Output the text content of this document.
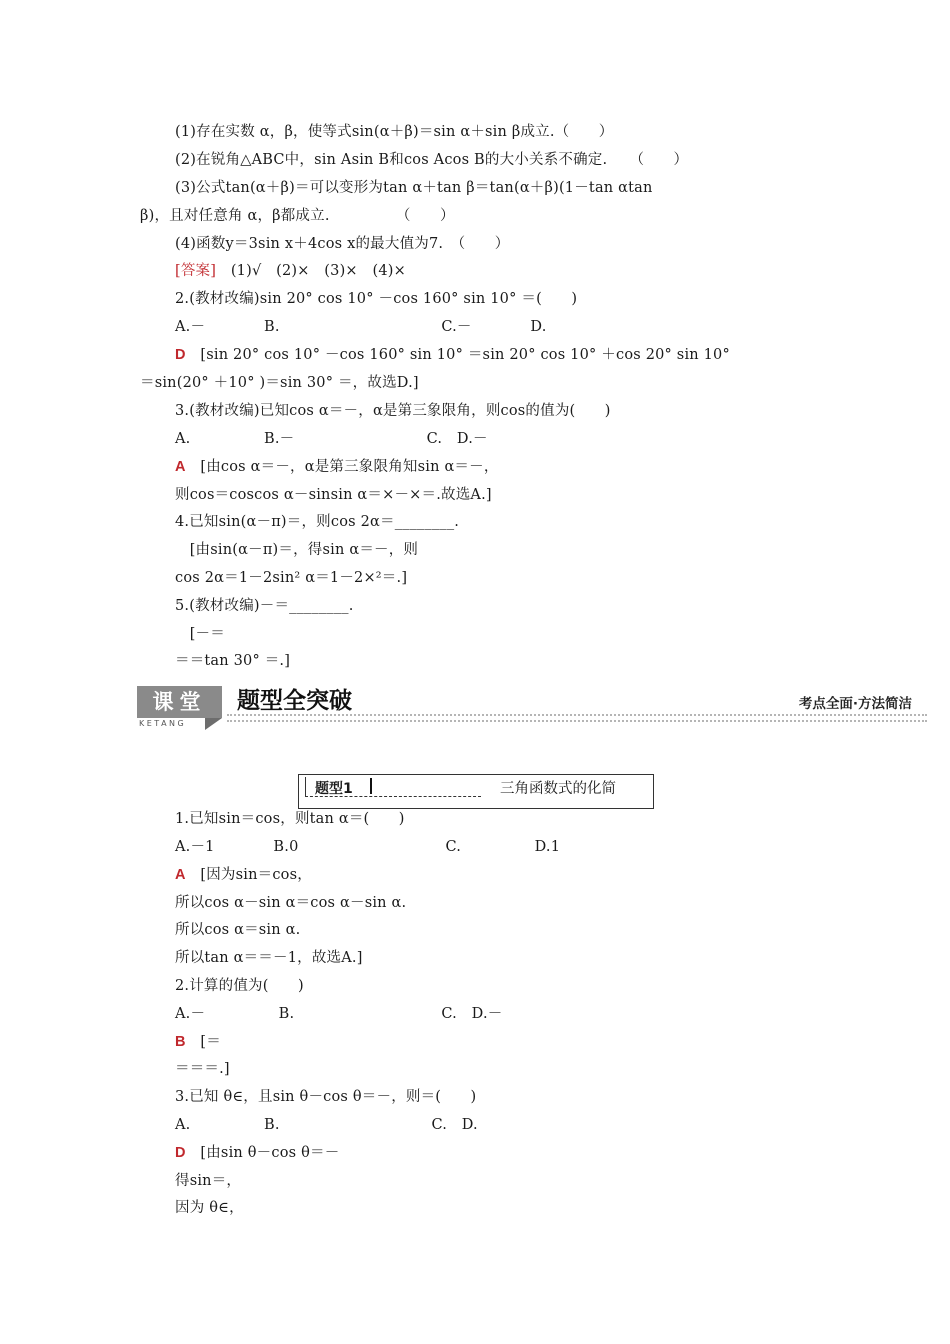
(1)存在实数 α，β，使等式sin(α＋β)＝sin α＋sin β成立.（　　）
(2)在锐角△ABC中，sin Asin B和cos Acos B的大小关系不确定.　　（　　）
(3)公式tan(α＋β)＝可以变形为tan α＋tan β＝tan(α＋β)(1－tan αtan
β)，且对任意角 α，β都成立.　　　　　（　　）
(4)函数y＝3sin x＋4cos x的最大值为7.　（　　）
[答案]　(1)√　(2)×　(3)×　(4)×
2.(教材改编)sin 20° cos 10° －cos 160° sin 10° ＝(　　)
A.－　　　　B.　　　　　　　　　　　C.－　　　　D.
D　[sin 20° cos 10° －cos 160° sin 10° ＝sin 20° cos 10° ＋cos 20° sin 10°
＝sin(20° ＋10° )＝sin 30° ＝，故选D.]
3.(教材改编)已知cos α＝－，α是第三象限角，则cos的值为(　　)
A.　　　　　B.－　　　　　　　　　C.　D.－
A　[由cos α＝－，α是第三象限角知sin α＝－，
则cos＝coscos α－sinsin α＝×－×＝.故选A.]
4.已知sin(α－π)＝，则cos 2α＝________.
　[由sin(α－π)＝，得sin α＝－，则
cos 2α＝1－2sin² α＝1－2×²＝.]
5.(教材改编)－＝________.
　[－＝
＝＝tan 30° ＝.]
1.已知sin＝cos，则tan α＝(　　)
A.－1　　　　B.0　　　　　　　　　　C.　　　　　D.1
A　[因为sin＝cos，
所以cos α－sin α＝cos α－sin α.
所以cos α＝sin α.
所以tan α＝＝－1，故选A.]
2.计算的值为(　　)
A.－　　　　　B.　　　　　　　　　　C.　D.－
B　[＝
＝＝＝.]
3.已知 θ∈，且sin θ－cos θ＝－，则＝(　　)
A.　　　　　B.　　　　　　　　　　 C.　D.
D　[由sin θ－cos θ＝－
得sin＝，
因为 θ∈，
课堂
KETANG
题型全突破	考点全面·方法简洁
题型1	三角函数式的化简
